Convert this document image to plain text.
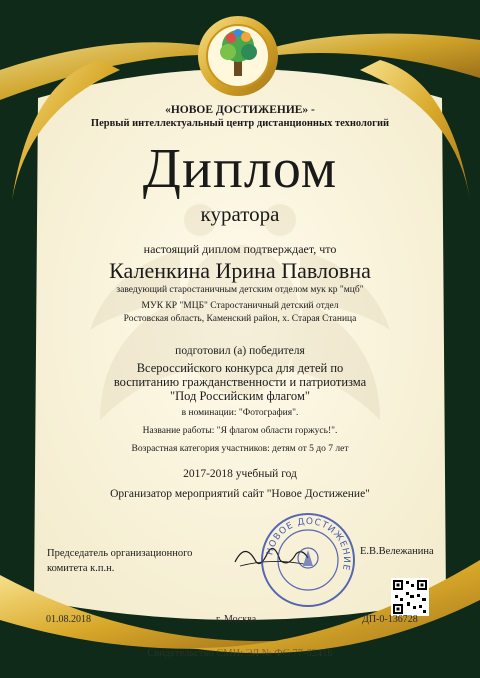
«НОВОЕ ДОСТИЖЕНИЕ» -
Первый интеллектуальный центр дистанционных технологий
Диплом
куратора
настоящий диплом подтверждает, что
Каленкина Ирина Павловна
заведующий старостаничным детским отделом мук кр "мцб"
МУК КР "МЦБ" Старостаничный детский отдел
Ростовская область, Каменский район, х. Старая Станица
подготовил (а) победителя
Всероссийского конкурса для детей по воспитанию гражданственности и патриотизма "Под Российским флагом"
в номинации: "Фотография".
Название работы: "Я флагом области горжусь!".
Возрастная категория участников: детям от 5 до 7 лет
2017-2018 учебный год
Организатор мероприятий сайт "Новое Достижение"
Председатель организационного
комитета к.п.н.
Е.В.Вележанина
НОВОЕ ДОСТИЖЕНИЕ
01.08.2018	г. Москва	ДП-0-136728
Свидетельство СМИ: ЭЛ № ФС 77-62416
